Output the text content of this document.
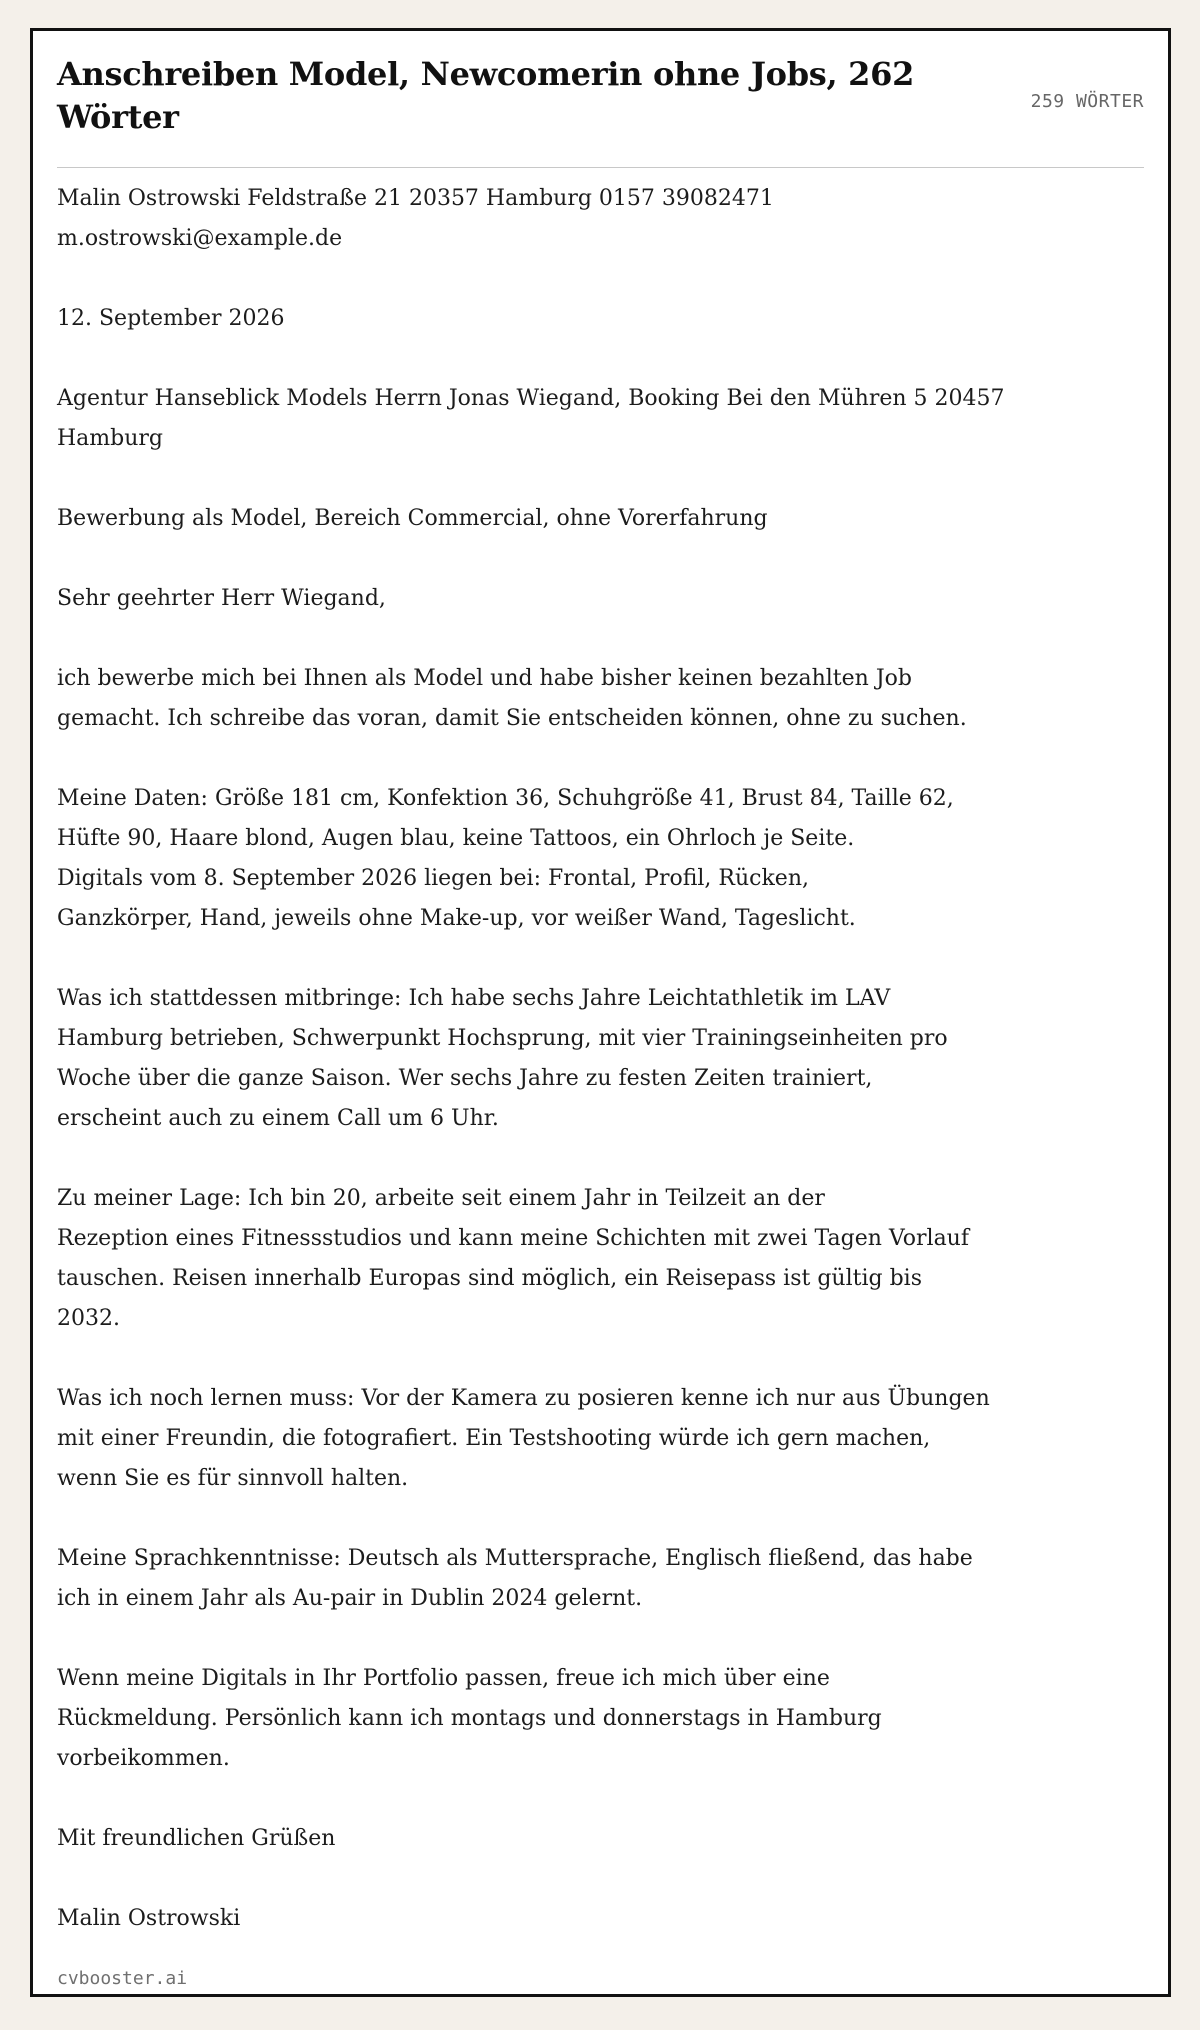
Anschreiben Model, Newcomerin ohne Jobs, 262 Wörter	259 WÖRTER

Malin Ostrowski Feldstraße 21 20357 Hamburg 0157 39082471
m.ostrowski@example.de

12. September 2026

Agentur Hanseblick Models Herrn Jonas Wiegand, Booking Bei den Mühren 5 20457
Hamburg

Bewerbung als Model, Bereich Commercial, ohne Vorerfahrung

Sehr geehrter Herr Wiegand,

ich bewerbe mich bei Ihnen als Model und habe bisher keinen bezahlten Job
gemacht. Ich schreibe das voran, damit Sie entscheiden können, ohne zu suchen.

Meine Daten: Größe 181 cm, Konfektion 36, Schuhgröße 41, Brust 84, Taille 62,
Hüfte 90, Haare blond, Augen blau, keine Tattoos, ein Ohrloch je Seite.
Digitals vom 8. September 2026 liegen bei: Frontal, Profil, Rücken,
Ganzkörper, Hand, jeweils ohne Make-up, vor weißer Wand, Tageslicht.

Was ich stattdessen mitbringe: Ich habe sechs Jahre Leichtathletik im LAV
Hamburg betrieben, Schwerpunkt Hochsprung, mit vier Trainingseinheiten pro
Woche über die ganze Saison. Wer sechs Jahre zu festen Zeiten trainiert,
erscheint auch zu einem Call um 6 Uhr.

Zu meiner Lage: Ich bin 20, arbeite seit einem Jahr in Teilzeit an der
Rezeption eines Fitnessstudios und kann meine Schichten mit zwei Tagen Vorlauf
tauschen. Reisen innerhalb Europas sind möglich, ein Reisepass ist gültig bis
2032.

Was ich noch lernen muss: Vor der Kamera zu posieren kenne ich nur aus Übungen
mit einer Freundin, die fotografiert. Ein Testshooting würde ich gern machen,
wenn Sie es für sinnvoll halten.

Meine Sprachkenntnisse: Deutsch als Muttersprache, Englisch fließend, das habe
ich in einem Jahr als Au-pair in Dublin 2024 gelernt.

Wenn meine Digitals in Ihr Portfolio passen, freue ich mich über eine
Rückmeldung. Persönlich kann ich montags und donnerstags in Hamburg
vorbeikommen.

Mit freundlichen Grüßen

Malin Ostrowski

cvbooster.ai
